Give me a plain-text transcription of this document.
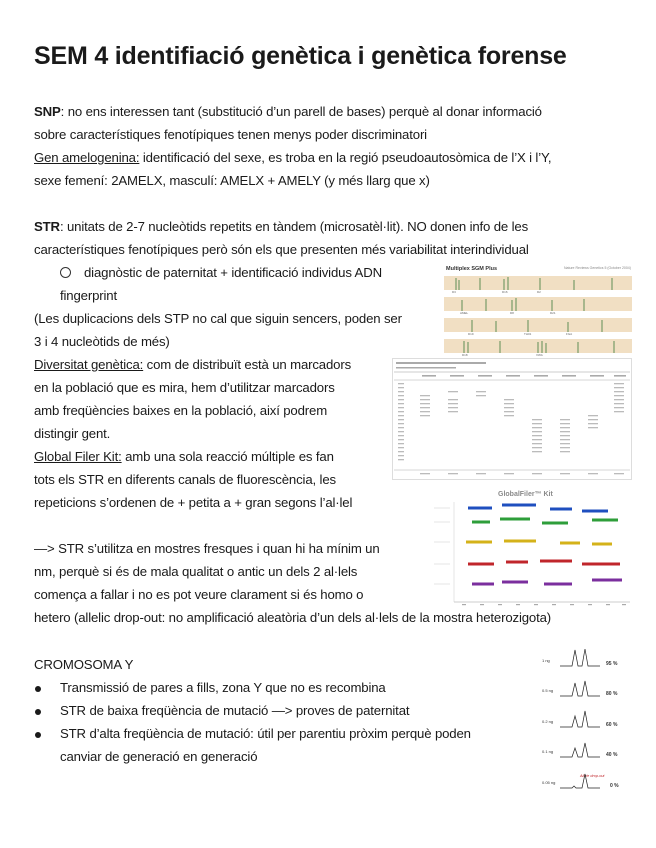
SEM 4 identifiació genètica i genètica forense
SNP: no ens interessen tant (substitució d’un parell de bases) perquè al donar informació
sobre característiques fenotípiques tenen menys poder discriminatori
Gen amelogenina: identificació del sexe, es troba en la regió pseudoautosòmica de l’X i l’Y,
sexe femení: 2AMELX, masculí: AMELX + AMELY (y més llarg que x)
STR: unitats de 2-7 nucleòtids repetits en tàndem (microsatèl·lit). NO donen info de les
característiques fenotípiques però són els que presenten més variabilitat interindividual
diagnòstic de paternitat + identificació individus ADN
fingerprint
(Les duplicacions dels STP no cal que siguin sencers, poden ser
3 i 4 nucleòtids de més)
Diversitat genètica: com de distribuït està un marcadors
en la població que es mira, hem d’utilitzar marcadors
amb freqüències baixes en la població, així podrem
distingir gent.
Global Filer Kit: amb una sola reacció múltiple es fan
tots els STR en diferents canals de fluorescència, les
repeticions s’ordenen de + petita a + gran segons l’al·lel
—> STR s’utilitza en mostres fresques i quan hi ha mínim un
nm, perquè si és de mala qualitat o antic un dels 2 al·lels
comença a fallar i no es pot veure clarament si és homo o
hetero (allelic drop-out: no amplificació aleatòria d’un dels al·lels de la mostra heterozigota)
CROMOSOMA Y
Transmissió de pares a fills, zona Y que no es recombina
STR de baixa freqüència de mutació —> proves de paternitat
STR d’alta freqüència de mutació: útil per parentiu pròxim perquè poden
canviar de generació en generació
Multiplex SGM Plus	Nature Reviews Genetics 5 (October 2004)
D3	D16	D2
AMEL	D8	D21
D19	TH01	FGA
D18	VWA
GlobalFiler™ Kit
1 ng
0.5 ng
0.2 ng
0.1 ng
0.05 ng
95 %
80 %
60 %
40 %
0 %
Allele drop-out
